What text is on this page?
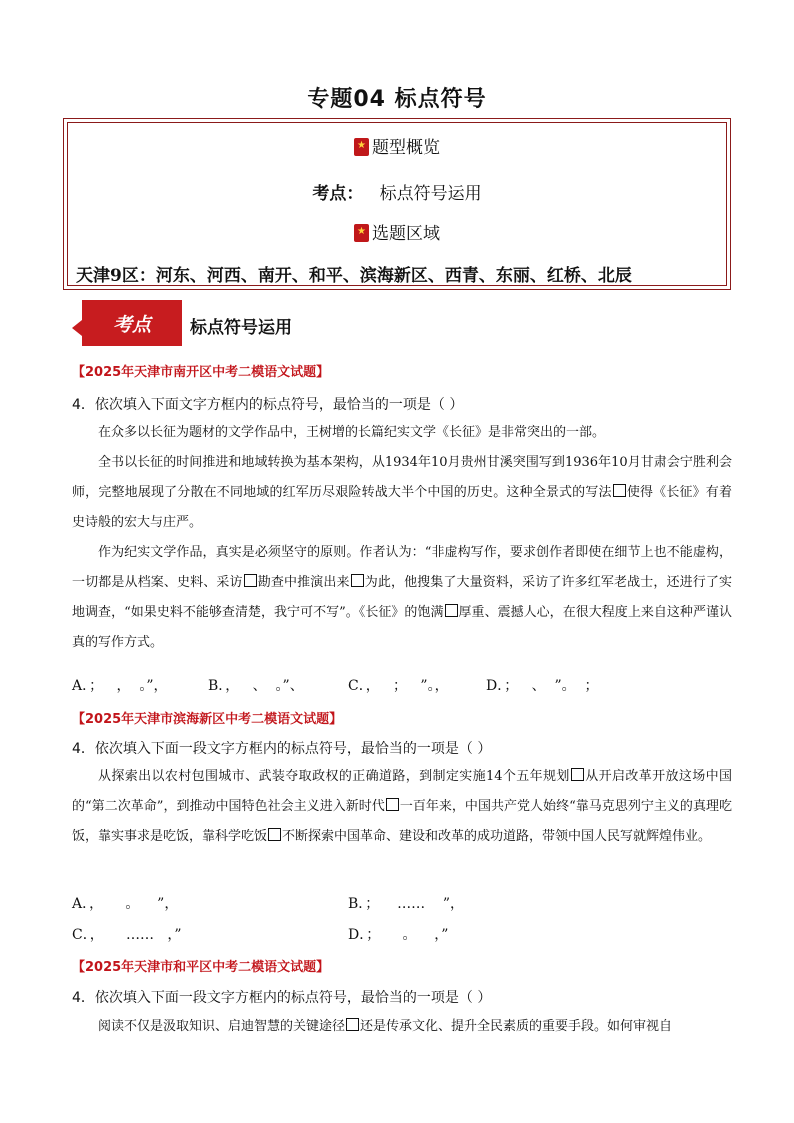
专题04 标点符号
★ 题型概览
考点： 标点符号运用
★ 选题区域
天津9区：河东、河西、南开、和平、滨海新区、西青、东丽、红桥、北辰
考点	标点符号运用
【2025年天津市南开区中考二模语文试题】
4．依次填入下面文字方框内的标点符号，最恰当的一项是（ ）

在众多以长征为题材的文学作品中，王树增的长篇纪实文学《长征》是非常突出的一部。

全书以长征的时间推进和地域转换为基本架构，从1934年10月贵州甘溪突围写到1936年10月甘肃会宁胜利会师，完整地展现了分散在不同地域的红军历尽艰险转战大半个中国的历史。这种全景式的写法 使得《长征》有着史诗般的宏大与庄严。

作为纪实文学作品，真实是必须坚守的原则。作者认为：“非虚构写作，要求创作者即使在细节上也不能虚构，一切都是从档案、史料、采访 勘查中推演出来 为此，他搜集了大量资料，采访了许多红军老战士，还进行了实地调查，“如果史料不能够查清楚，我宁可不写”。《长征》的饱满 厚重、震撼人心，在很大程度上来自这种严谨认真的写作方式。

A．；   ，  。”，	B．，   、  。”、	C．，   ；   ”。，	D．；   、  ”。  ；
【2025年天津市滨海新区中考二模语文试题】
4．依次填入下面一段文字方框内的标点符号，最恰当的一项是（ ）

从探索出以农村包围城市、武装夺取政权的正确道路，到制定实施14个五年规划 从开启改革开放这场中国的“第二次革命”，到推动中国特色社会主义进入新时代 一百年来，中国共产党人始终“靠马克思列宁主义的真理吃饭，靠实事求是吃饭，靠科学吃饭 不断探索中国革命、建设和改革的成功道路，带领中国人民写就辉煌伟业。

A．，     。    ”，	B．；    ……    ”，
C．，     ……   ，”	D．；     。    ，”
【2025年天津市和平区中考二模语文试题】
4．依次填入下面一段文字方框内的标点符号，最恰当的一项是（ ）

阅读不仅是汲取知识、启迪智慧的关键途径 还是传承文化、提升全民素质的重要手段。如何审视自
